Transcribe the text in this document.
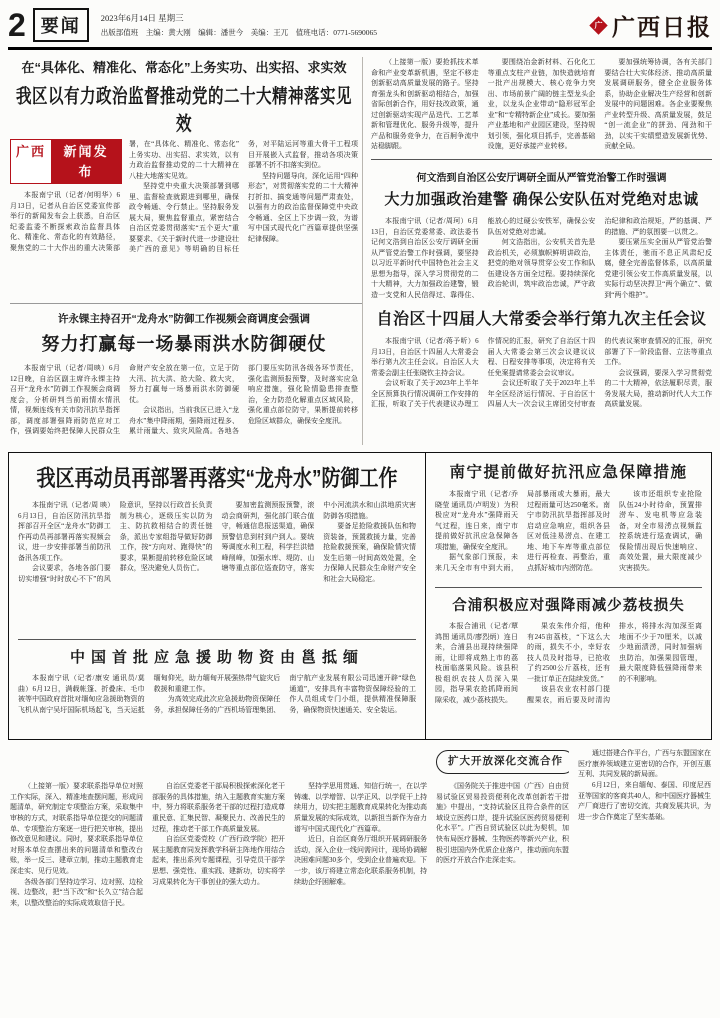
2 要闻	2023年6月14日 星期三
出版部值班　主编：黄大刚　编辑：潘世今　美编：王兀　值班电话：0771-5690065
广 广西日报
在“具体化、精准化、常态化”上务实功、出实招、求实效
我区以有力政治监督推动党的二十大精神落实见效
广西	新闻发布

本报南宁讯（记者/何明华）6月13日，记者从自治区党委宣传部举行的新闻发布会上获悉，自治区纪委监委不断探索政治监督具体化、精准化、常态化的有效路径，聚焦党的二十大作出的重大决策部署，在“具体化、精准化、常态化”上务实功、出实招、求实效，以有力政治监督推动党的二十大精神在八桂大地落实见效。

坚持党中央重大决策部署到哪里、监督检查就跟进到哪里，确保政令畅通、令行禁止。坚持服务发展大局，聚焦监督重点，紧密结合自治区党委贯彻落实“五个更大”重要要求、《关于新时代进一步建设壮美广西的意见》等明确的目标任务，对平陆运河等重大骨干工程项目开展嵌入式监督，推动各项决策部署不折不扣落实到位。

坚持问题导向，深化运用“四种形态”，对贯彻落实党的二十大精神打折扣、搞变通等问题严肃查处，以强有力的政治监督保障党中央政令畅通、全区上下步调一致，为谱写中国式现代化广西篇章提供坚强纪律保障。

（上接第一版）要抢抓技术革命和产业变革新机遇，坚定不移走创新驱动高质量发展的路子。坚持育强龙头和创新驱动相结合，加强省际创新合作，用好技改政策，通过创新驱动实现产品迭代、工艺革新和管理优化、服务升级等，提升产品和服务竞争力，在百舸争流中站稳脚跟。

要围绕冶金新材料、石化化工等重点支柱产业链，加快造就培育一批产出规模大、核心竞争力突出、市场前景广阔的链主型龙头企业，以龙头企业带动“隐形冠军企业”和“专精特新企业”成长。要加强产业基地和产业园区建设，坚持规划引领，强化项目抓手，完善基础设施，更好承接产业转移。

要加强统筹协调，各有关部门要结合壮大实体经济、推动高质量发展调研服务，健全企业服务体系，协助企业解决生产经营和创新发展中的问题困难。各企业要聚焦产业转型升级、高质量发展，鼓足“创一流企业”的拼劲、闯劲和干劲，以实干实绩塑造发展新优势、贡献全局。

何文浩到自治区公安厅调研全面从严管党治警工作时强调
大力加强政治建警 确保公安队伍对党绝对忠诚

本报南宁讯（记者/周珂）6月13日，自治区党委常委、政法委书记何文浩到自治区公安厅调研全面从严管党治警工作时强调，要坚持以习近平新时代中国特色社会主义思想为指导，深入学习贯彻党的二十大精神，大力加强政治建警，锻造一支党和人民信得过、靠得住、能放心的过硬公安铁军，确保公安队伍对党绝对忠诚。

何文浩指出，公安机关首先是政治机关，必须旗帜鲜明讲政治，把党的绝对领导贯穿公安工作和队伍建设各方面全过程。要持续深化政治轮训，筑牢政治忠诚，严守政治纪律和政治规矩，严的基调、严的措施、严的氛围要一以贯之。

要压紧压实全面从严管党治警主体责任，驰而不息正风肃纪反腐，健全完善监督体系，以高质量党建引领公安工作高质量发展，以实际行动坚决捍卫“两个确立”、做到“两个维护”。

许永锞主持召开“龙舟水”防御工作视频会商调度会强调
努力打赢每一场暴雨洪水防御硬仗

本报南宁讯（记者/周映）6月12日晚，自治区副主席许永锞主持召开“龙舟水”防御工作视频会商调度会，分析研判当前雨情水情汛情，视频连线有关市防汛抗旱指挥部，调度部署强降雨防范应对工作，强调要始终把保障人民群众生命财产安全放在第一位，立足于防大汛、抗大洪、抢大险、救大灾，努力打赢每一场暴雨洪水防御硬仗。

会议指出，当前我区已进入“龙舟水”集中降雨期，强降雨过程多、累计雨量大、致灾风险高。各地各部门要压实防汛各级各环节责任，强化监测预报预警，及时落实应急响应措施，强化险情隐患排查整治，全力防范化解重点区域风险，强化重点部位防守，果断提前转移危险区域群众，确保安全度汛。

自治区十四届人大常委会举行第九次主任会议

本报南宁讯（记者/蒋予昕）6月13日，自治区十四届人大常委会举行第九次主任会议。自治区人大常委会副主任张晓钦主持会议。

会议听取了关于2023年上半年全区预算执行情况调研工作安排的汇报，听取了关于代表建议办理工作情况的汇报，研究了自治区十四届人大常委会第三次会议建议议程、日程安排等事项，决定将有关任免案提请常委会会议审议。

会议还听取了关于2023年上半年全区经济运行情况、于自治区十四届人大一次会议主席团交付审查的代表议案审查情况的汇报，研究部署了下一阶段监督、立法等重点工作。

会议强调，要深入学习贯彻党的二十大精神，依法履职尽责，服务发展大局，推动新时代人大工作高质量发展。

我区再动员再部署再落实“龙舟水”防御工作

本报南宁讯（记者/周 映）6月13日，自治区防汛抗旱指挥部召开全区“龙舟水”防御工作再动员再部署再落实视频会议，进一步安排部署当前防汛备汛各项工作。

会议要求，各地各部门要切实增强“时时放心不下”的风险意识，坚持以行政首长负责制为核心，逐级压实以防为主、防抗救相结合的责任链条，派出专家组指导做好防御工作，按“方向对、跑得快”的要求，果断提前转移危险区域群众，坚决避免人员伤亡。

要加密监测预报预警，滚动会商研判，强化部门联合值守，畅通信息报送渠道，确保预警信息到村到户到人。要统筹调度水利工程，科学拦洪错峰削峰，加强水库、堤防、山塘等重点部位巡查防守，落实中小河流洪水和山洪地质灾害防御各项措施。

要备足抢险救援队伍和物资装备，预置救援力量，完善抢险救援预案，确保险情灾情发生后第一时间高效处置，全力保障人民群众生命财产安全和社会大局稳定。

中国首批应急援助物资由邕抵缅

本报南宁讯（记者/康安 通讯员/莫曲）6月12日，满载帐篷、折叠床、毛巾被等中国政府首批对缅甸应急援助物资的飞机从南宁吴圩国际机场起飞，当天运抵缅甸仰光，助力缅甸开展强热带气旋灾后救援和重建工作。

为高效完成此次应急援助物资保障任务，承担保障任务的广西机场管理集团、南宁航产业发展有限公司迅速开辟“绿色通道”，安排具有丰富物资保障经验的工作人员组成专门小组，提供精准保障服务，确保物资快速通关、安全装运。

南宁提前做好抗汛应急保障措施

本报南宁讯（记者/乔晓莹 通讯员/卢明发）为积极应对“龙舟水”强降雨天气过程，连日来，南宁市提前做好抗汛应急保障各项措施，确保安全度汛。

据气象部门预报，未来几天全市有中到大雨，局部暴雨或大暴雨，最大过程雨量可达250毫米。南宁市防汛抗旱指挥部及时启动应急响应，组织各县区对低洼易涝点、在建工地、地下车库等重点部位进行再检查、再整治，重点抓好城市内涝防范。

该市还组织专业抢险队伍24小时待命，预置排涝车、发电机等应急装备，对全市易涝点视频监控系统进行巡查调试，确保险情出现后快速响应、高效处置，最大限度减少灾害损失。

合浦积极应对强降雨减少荔枝损失

本报合浦讯（记者/覃鸿图 通讯员/廖烈炳）连日来，合浦县出现持续强降雨，让即将成熟上市的荔枝面临落果风险。该县积极组织农技人员深入果园，指导果农抢抓降雨间隙采收，减少荔枝损失。

果农朱伟介绍，他种有245亩荔枝，“下这么大的雨，损失不小，幸好农技人员及时指导，已抢收了约2500公斤荔枝，还有一批订单正在陆续发货。”

该县农业农村部门提醒果农，雨后要及时清沟排水，将排水沟加深至离地面不少于70厘米，以减少地面渍涝，同时加强病虫防治，加强果园管理，最大限度降低强降雨带来的不利影响。

（上接第一版）要求联系指导单位对照工作实际，深入、精准地查摆问题，形成问题清单，研究制定专项整治方案，采取集中审核的方式，对联系指导单位提交的问题清单、专项整治方案逐一进行把关审核，提出修改意见和建议。同时，要求联系指导单位对照本单位查摆出来的问题清单和整改台账，举一反三、建章立制，推动主题教育走深走实、见行见效。

各级各部门坚持边学习、边对照、边检视、边整改，把“当下改”和“长久立”结合起来，以整改整治的实际成效取信于民。

自治区党委老干部局积极探索深化老干部服务的具体措施，纳入主题教育实施方案中，努力将联系服务老干部的过程打造成尊重民意、汇集民智、凝聚民力、改善民生的过程，推动老干部工作高质量发展。

自治区党委党校（广西行政学院）把开展主题教育同发挥教学科研主阵地作用结合起来，推出系列专题课程，引导党员干部学思想、强党性、重实践、建新功，切实将学习成果转化为干事创业的强大动力。

坚持学思用贯通、知信行统一，在以学铸魂、以学增智、以学正风、以学促干上持续用力，切实把主题教育成果转化为推动高质量发展的实际成效，以新担当新作为奋力谱写中国式现代化广西篇章。

近日，自治区商务厅组织开展调研服务活动，深入企业一线问需问计，现场协调解决困难问题30多个，受到企业普遍欢迎。下一步，该厅将建立常态化联系服务机制，持续助企纾困解难。

扩大开放深化交流合作

《国务院关于推进中国（广西）自由贸易试验区贸易投资便利化改革创新若干措施》中提出，“支持试验区且符合条件的区域设立医药口岸，提升试验区医药贸易便利化水平”。广西自贸试验区以此为契机，加快布局医疗器械、生物医药等新兴产业，积极引进国内外优质企业落户，推动面向东盟的医疗开放合作走深走实。

通过搭建合作平台，广西与东盟国家在医疗康养领域建立更密切的合作，开创互惠互利、共同发展的新局面。

6月12日，来自缅甸、泰国、印度尼西亚等国家的客商共40人，和中国医疗器械生产厂商进行了密切交流，共商发展共识，为进一步合作奠定了坚实基础。
